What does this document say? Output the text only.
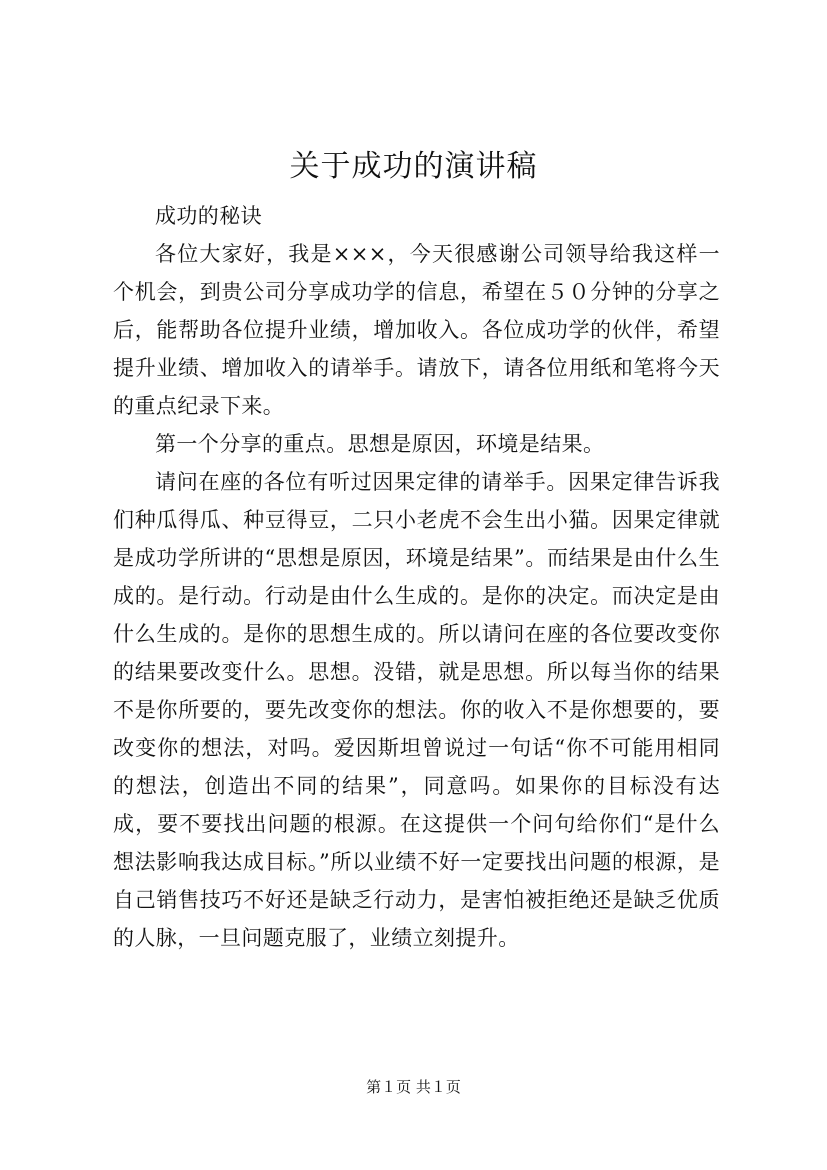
关于成功的演讲稿

成功的秘诀

各位大家好，我是×××，今天很感谢公司领导给我这样一个机会，到贵公司分享成功学的信息，希望在５０分钟的分享之后，能帮助各位提升业绩，增加收入。各位成功学的伙伴，希望提升业绩、增加收入的请举手。请放下，请各位用纸和笔将今天的重点纪录下来。

第一个分享的重点。思想是原因，环境是结果。

请问在座的各位有听过因果定律的请举手。因果定律告诉我们种瓜得瓜、种豆得豆，二只小老虎不会生出小猫。因果定律就是成功学所讲的“思想是原因，环境是结果”。而结果是由什么生成的。是行动。行动是由什么生成的。是你的决定。而决定是由什么生成的。是你的思想生成的。所以请问在座的各位要改变你的结果要改变什么。思想。没错，就是思想。所以每当你的结果不是你所要的，要先改变你的想法。你的收入不是你想要的，要改变你的想法，对吗。爱因斯坦曾说过一句话“你不可能用相同的想法，创造出不同的结果”，同意吗。如果你的目标没有达成，要不要找出问题的根源。在这提供一个问句给你们“是什么想法影响我达成目标。”所以业绩不好一定要找出问题的根源，是自己销售技巧不好还是缺乏行动力，是害怕被拒绝还是缺乏优质的人脉，一旦问题克服了，业绩立刻提升。

第１页 共１页
